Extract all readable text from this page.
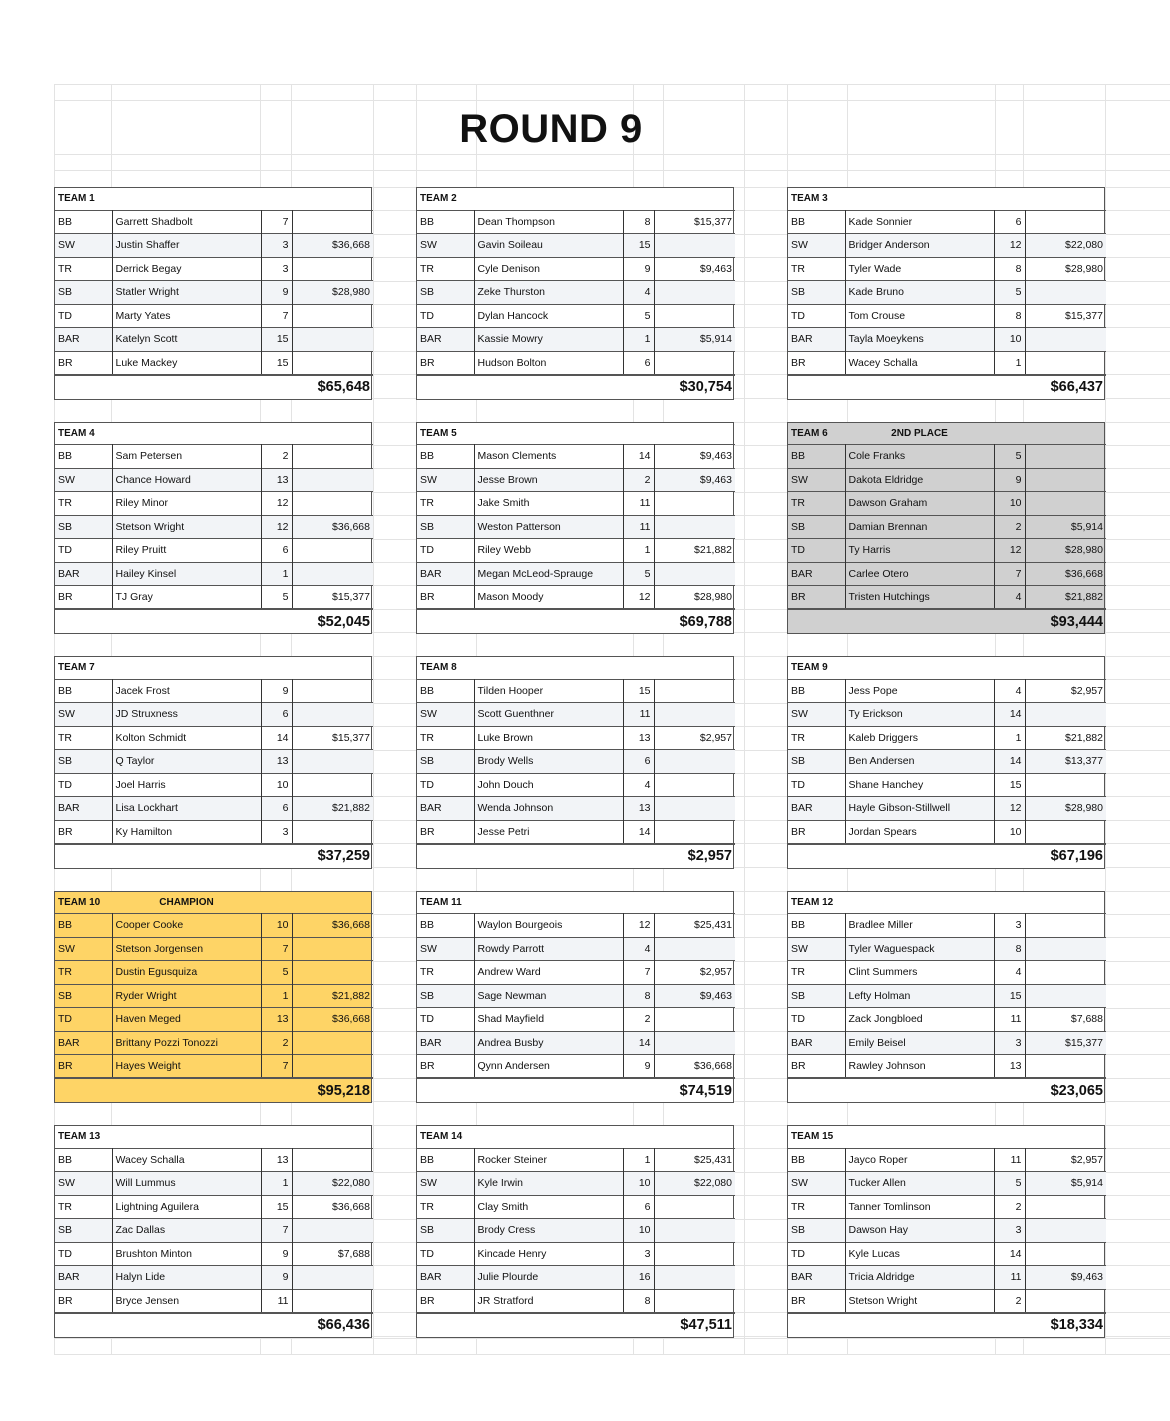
ROUND 9
TEAM 1			
BB	Garrett Shadbolt	7	
SW	Justin Shaffer	3	$36,668
TR	Derrick Begay	3	
SB	Statler Wright	9	$28,980
TD	Marty Yates	7	
BAR	Katelyn Scott	15	
BR	Luke Mackey	15	
			$65,648
TEAM 2			
BB	Dean Thompson	8	$15,377
SW	Gavin Soileau	15	
TR	Cyle Denison	9	$9,463
SB	Zeke Thurston	4	
TD	Dylan Hancock	5	
BAR	Kassie Mowry	1	$5,914
BR	Hudson Bolton	6	
			$30,754
TEAM 3			
BB	Kade Sonnier	6	
SW	Bridger Anderson	12	$22,080
TR	Tyler Wade	8	$28,980
SB	Kade Bruno	5	
TD	Tom Crouse	8	$15,377
BAR	Tayla Moeykens	10	
BR	Wacey Schalla	1	
			$66,437
TEAM 4			
BB	Sam Petersen	2	
SW	Chance Howard	13	
TR	Riley Minor	12	
SB	Stetson Wright	12	$36,668
TD	Riley Pruitt	6	
BAR	Hailey Kinsel	1	
BR	TJ Gray	5	$15,377
			$52,045
TEAM 5			
BB	Mason Clements	14	$9,463
SW	Jesse Brown	2	$9,463
TR	Jake Smith	11	
SB	Weston Patterson	11	
TD	Riley Webb	1	$21,882
BAR	Megan McLeod-Sprauge	5	
BR	Mason Moody	12	$28,980
			$69,788
TEAM 6	2ND PLACE		
BB	Cole Franks	5	
SW	Dakota Eldridge	9	
TR	Dawson Graham	10	
SB	Damian Brennan	2	$5,914
TD	Ty Harris	12	$28,980
BAR	Carlee Otero	7	$36,668
BR	Tristen Hutchings	4	$21,882
			$93,444
TEAM 7			
BB	Jacek Frost	9	
SW	JD Struxness	6	
TR	Kolton Schmidt	14	$15,377
SB	Q Taylor	13	
TD	Joel Harris	10	
BAR	Lisa Lockhart	6	$21,882
BR	Ky Hamilton	3	
			$37,259
TEAM 8			
BB	Tilden Hooper	15	
SW	Scott Guenthner	11	
TR	Luke Brown	13	$2,957
SB	Brody Wells	6	
TD	John Douch	4	
BAR	Wenda Johnson	13	
BR	Jesse Petri	14	
			$2,957
TEAM 9			
BB	Jess Pope	4	$2,957
SW	Ty Erickson	14	
TR	Kaleb Driggers	1	$21,882
SB	Ben Andersen	14	$13,377
TD	Shane Hanchey	15	
BAR	Hayle Gibson-Stillwell	12	$28,980
BR	Jordan Spears	10	
			$67,196
TEAM 10	CHAMPION		
BB	Cooper Cooke	10	$36,668
SW	Stetson Jorgensen	7	
TR	Dustin Egusquiza	5	
SB	Ryder Wright	1	$21,882
TD	Haven Meged	13	$36,668
BAR	Brittany Pozzi Tonozzi	2	
BR	Hayes Weight	7	
			$95,218
TEAM 11			
BB	Waylon Bourgeois	12	$25,431
SW	Rowdy Parrott	4	
TR	Andrew Ward	7	$2,957
SB	Sage Newman	8	$9,463
TD	Shad Mayfield	2	
BAR	Andrea Busby	14	
BR	Qynn Andersen	9	$36,668
			$74,519
TEAM 12			
BB	Bradlee Miller	3	
SW	Tyler Waguespack	8	
TR	Clint Summers	4	
SB	Lefty Holman	15	
TD	Zack Jongbloed	11	$7,688
BAR	Emily Beisel	3	$15,377
BR	Rawley Johnson	13	
			$23,065
TEAM 13			
BB	Wacey Schalla	13	
SW	Will Lummus	1	$22,080
TR	Lightning Aguilera	15	$36,668
SB	Zac Dallas	7	
TD	Brushton Minton	9	$7,688
BAR	Halyn Lide	9	
BR	Bryce Jensen	11	
			$66,436
TEAM 14			
BB	Rocker Steiner	1	$25,431
SW	Kyle Irwin	10	$22,080
TR	Clay Smith	6	
SB	Brody Cress	10	
TD	Kincade Henry	3	
BAR	Julie Plourde	16	
BR	JR Stratford	8	
			$47,511
TEAM 15			
BB	Jayco Roper	11	$2,957
SW	Tucker Allen	5	$5,914
TR	Tanner Tomlinson	2	
SB	Dawson Hay	3	
TD	Kyle Lucas	14	
BAR	Tricia Aldridge	11	$9,463
BR	Stetson Wright	2	
			$18,334
